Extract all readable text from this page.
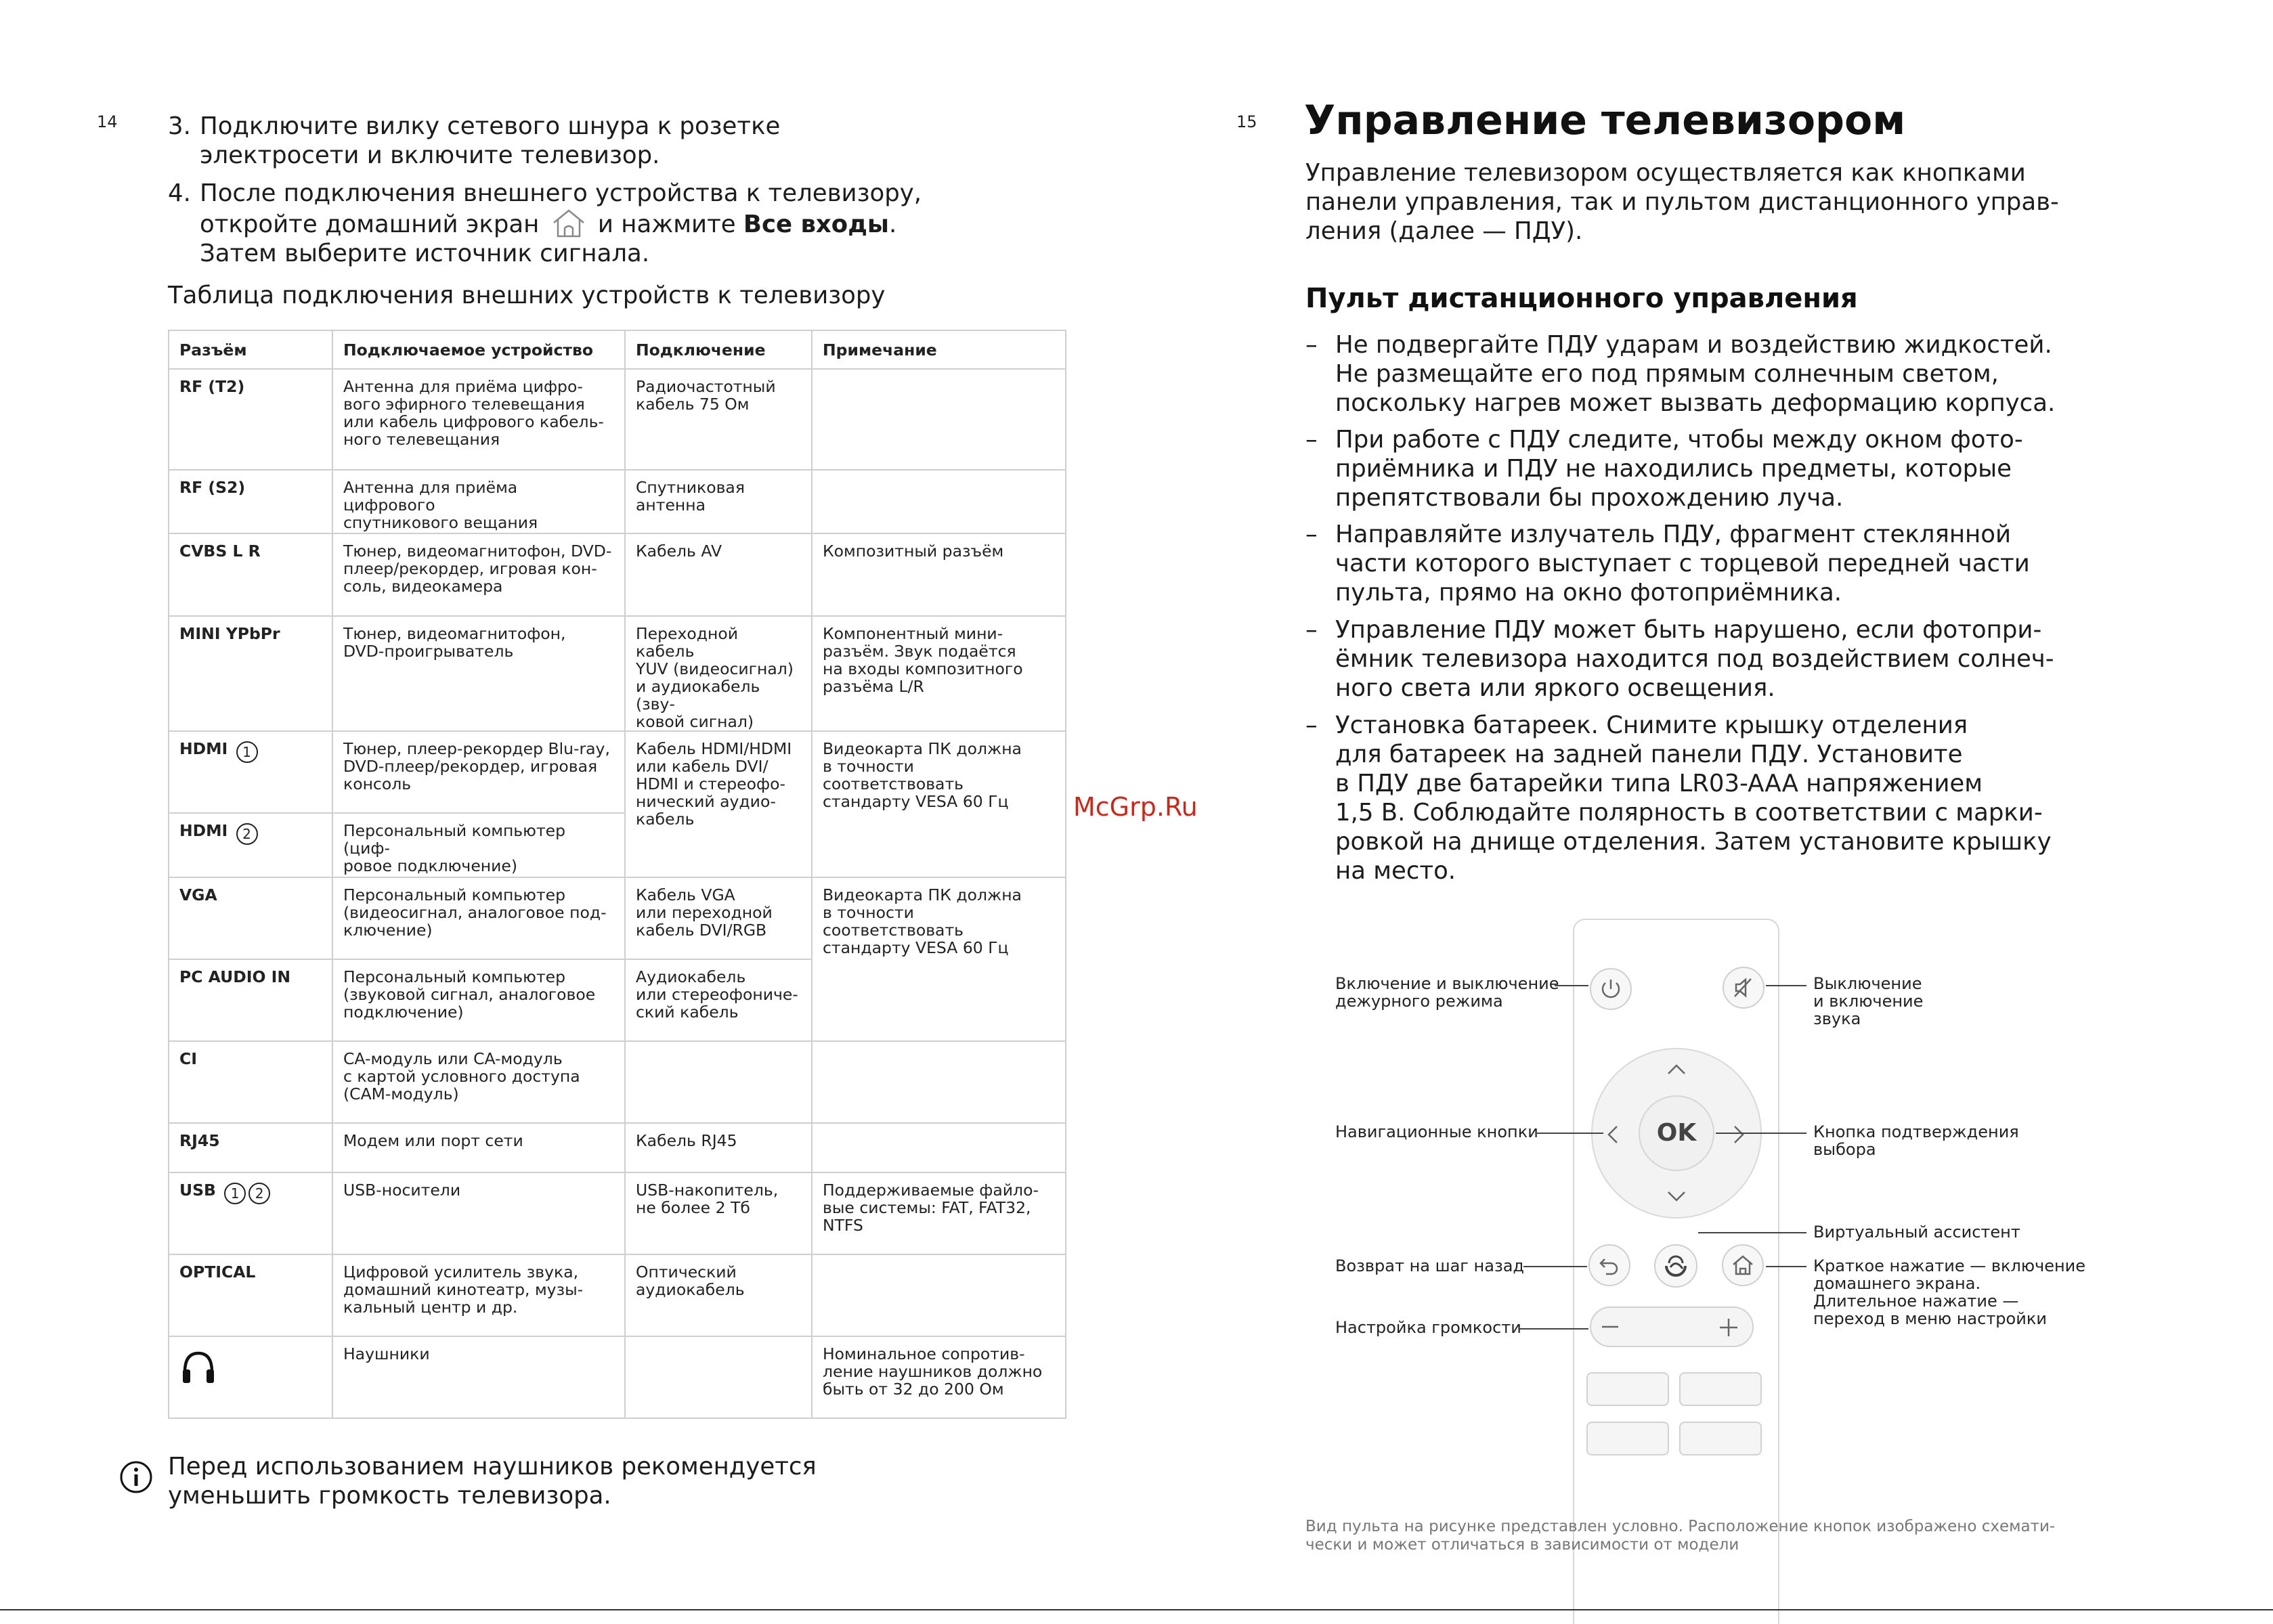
14 3. Подключите вилку сетевого шнура к розетке
электросети и включите телевизор.
4. После подключения внешнего устройства к телевизору,
откройте домашний экран и нажмите Все входы.
Затем выберите источник сигнала.
Таблица подключения внешних устройств к телевизору
Разъём	Подключаемое устройство	Подключение	Примечание
RF (T2)	Антенна для приёма цифро-
вого эфирного телевещания
или кабель цифрового кабель-
ного телевещания	Радиочастотный
кабель 75 Ом	
RF (S2)	Антенна для приёма цифрового
спутникового вещания	Спутниковая
антенна	
CVBS L R	Тюнер, видеомагнитофон, DVD-
плеер/рекордер, игровая кон-
соль, видеокамера	Кабель AV	Композитный разъём
MINI YPbPr	Тюнер, видеомагнитофон,
DVD-проигрыватель	Переходной кабель
YUV (видеосигнал)
и аудиокабель (зву-
ковой сигнал)	Компонентный мини-
разъём. Звук подаётся
на входы композитного
разъёма L/R
HDMI 1	Тюнер, плеер-рекордер Blu-ray,
DVD-плеер/рекордер, игровая
консоль	Кабель HDMI/HDMI
или кабель DVI/
HDMI и стереофо-
нический аудио-
кабель	Видеокарта ПК должна
в точности соответствовать
стандарту VESA 60 Гц
HDMI 2	Персональный компьютер (циф-
ровое подключение)		
VGA	Персональный компьютер
(видеосигнал, аналоговое под-
ключение)	Кабель VGA
или переходной
кабель DVI/RGB	Видеокарта ПК должна
в точности соответствовать
стандарту VESA 60 Гц
PC AUDIO IN	Персональный компьютер
(звуковой сигнал, аналоговое
подключение)	Аудиокабель
или стереофониче-
ский кабель	
CI	CA-модуль или CA-модуль
с картой условного доступа
(CAM-модуль)		
RJ45	Модем или порт сети	Кабель RJ45	
USB 1 2	USB-носители	USB-накопитель,
не более 2 Тб	Поддерживаемые файло-
вые системы: FAT, FAT32,
NTFS
OPTICAL	Цифровой усилитель звука,
домашний кинотеатр, музы-
кальный центр и др.	Оптический
аудиокабель	
	Наушники		Номинальное сопротив-
ление наушников должно
быть от 32 до 200 Ом
Перед использованием наушников рекомендуется
уменьшить громкость телевизора.
McGrp.Ru
15 Управление телевизором
Управление телевизором осуществляется как кнопками
панели управления, так и пультом дистанционного управ-
ления (далее — ПДУ).
Пульт дистанционного управления
– Не подвергайте ПДУ ударам и воздействию жидкостей.
Не размещайте его под прямым солнечным светом,
поскольку нагрев может вызвать деформацию корпуса.
– При работе с ПДУ следите, чтобы между окном фото-
приёмника и ПДУ не находились предметы, которые
препятствовали бы прохождению луча.
– Направляйте излучатель ПДУ, фрагмент стеклянной
части которого выступает с торцевой передней части
пульта, прямо на окно фотоприёмника.
– Управление ПДУ может быть нарушено, если фотопри-
ёмник телевизора находится под воздействием солнеч-
ного света или яркого освещения.
– Установка батареек. Снимите крышку отделения
для батареек на задней панели ПДУ. Установите
в ПДУ две батарейки типа LR03-AAA напряжением
1,5 В. Соблюдайте полярность в соответствии с марки-
ровкой на днище отделения. Затем установите крышку
на место.
OK
Включение и выключение
дежурного режима
Выключение
и включение
звука
Навигационные кнопки	Кнопка подтверждения
выбора
Виртуальный ассистент
Возврат на шаг назад	Краткое нажатие — включение
домашнего экрана.
Длительное нажатие —
переход в меню настройки
Настройка громкости
Вид пульта на рисунке представлен условно. Расположение кнопок изображено схемати-
чески и может отличаться в зависимости от модели
